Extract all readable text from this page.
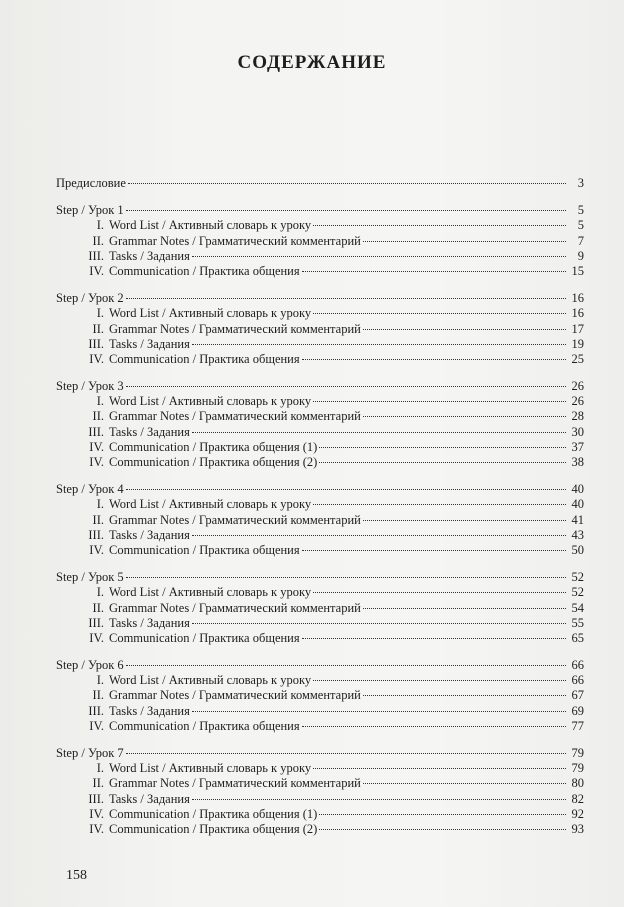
СОДЕРЖАНИЕ
Предисловие	3
Step / Урок 1	5
I. Word List / Активный словарь к уроку	5
II. Grammar Notes / Грамматический комментарий	7
III. Tasks / Задания	9
IV. Communication / Практика общения	15
Step / Урок 2	16
I. Word List / Активный словарь к уроку	16
II. Grammar Notes / Грамматический комментарий	17
III. Tasks / Задания	19
IV. Communication / Практика общения	25
Step / Урок 3	26
I. Word List / Активный словарь к уроку	26
II. Grammar Notes / Грамматический комментарий	28
III. Tasks / Задания	30
IV. Communication / Практика общения (1)	37
IV. Communication / Практика общения (2)	38
Step / Урок 4	40
I. Word List / Активный словарь к уроку	40
II. Grammar Notes / Грамматический комментарий	41
III. Tasks / Задания	43
IV. Communication / Практика общения	50
Step / Урок 5	52
I. Word List / Активный словарь к уроку	52
II. Grammar Notes / Грамматический комментарий	54
III. Tasks / Задания	55
IV. Communication / Практика общения	65
Step / Урок 6	66
I. Word List / Активный словарь к уроку	66
II. Grammar Notes / Грамматический комментарий	67
III. Tasks / Задания	69
IV. Communication / Практика общения	77
Step / Урок 7	79
I. Word List / Активный словарь к уроку	79
II. Grammar Notes / Грамматический комментарий	80
III. Tasks / Задания	82
IV. Communication / Практика общения (1)	92
IV. Communication / Практика общения (2)	93
158
